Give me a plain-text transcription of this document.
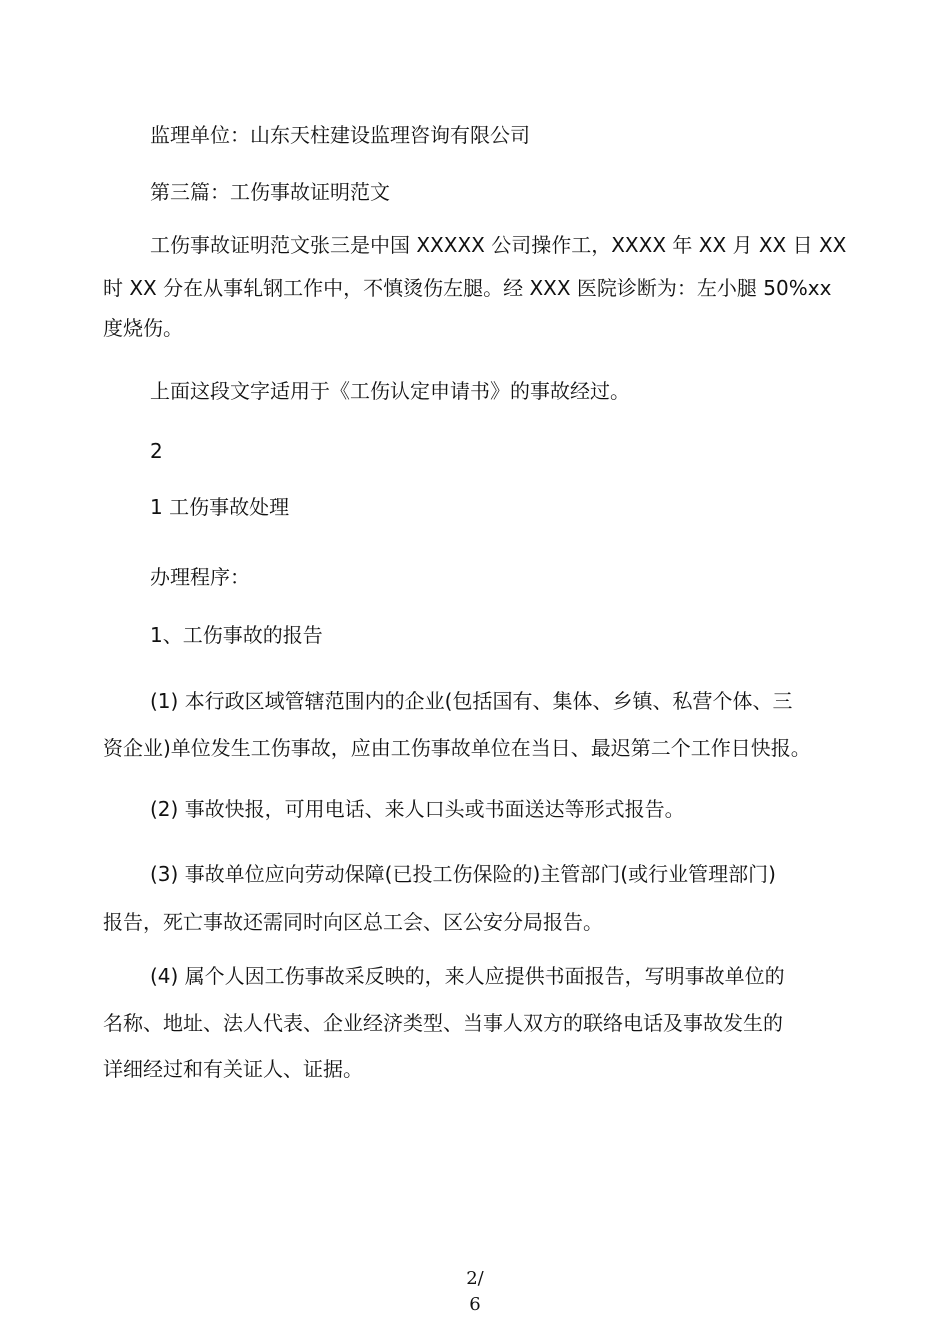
监理单位：山东天柱建设监理咨询有限公司

第三篇：工伤事故证明范文

工伤事故证明范文张三是中国 XXXXX 公司操作工，XXXX 年 XX 月 XX 日 XX
时 XX 分在从事轧钢工作中，不慎烫伤左腿。经 XXX 医院诊断为：左小腿 50%xx
度烧伤。

上面这段文字适用于《工伤认定申请书》的事故经过。

2

1 工伤事故处理

办理程序：

1、工伤事故的报告

(1) 本行政区域管辖范围内的企业(包括国有、集体、乡镇、私营个体、三
资企业)单位发生工伤事故，应由工伤事故单位在当日、最迟第二个工作日快报。

(2) 事故快报，可用电话、来人口头或书面送达等形式报告。

(3) 事故单位应向劳动保障(已投工伤保险的)主管部门(或行业管理部门)
报告，死亡事故还需同时向区总工会、区公安分局报告。
(4) 属个人因工伤事故采反映的，来人应提供书面报告，写明事故单位的
名称、地址、法人代表、企业经济类型、当事人双方的联络电话及事故发生的
详细经过和有关证人、证据。
2/
6
